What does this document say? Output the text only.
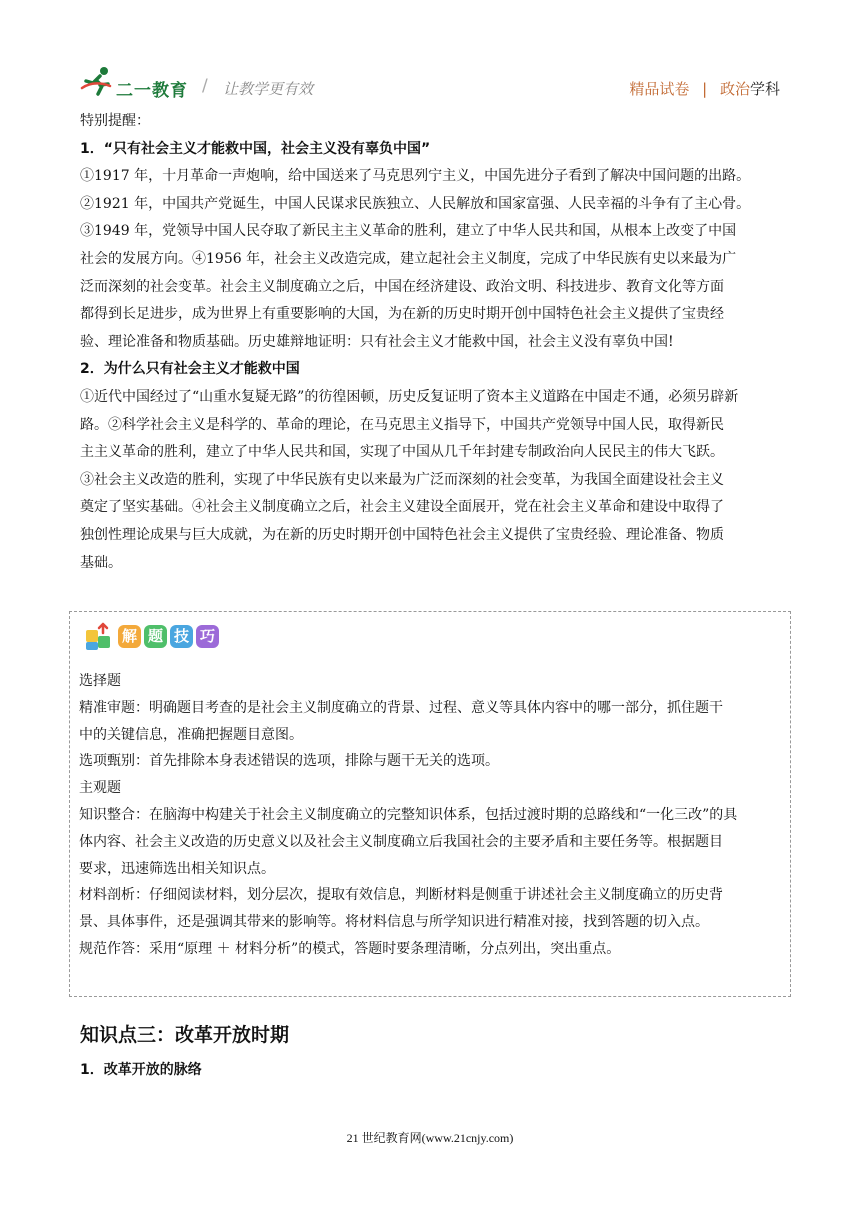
二一教育 / 让教学更有效	精品试卷 | 政治学科

特别提醒：

1．“只有社会主义才能救中国，社会主义没有辜负中国”

①1917 年，十月革命一声炮响，给中国送来了马克思列宁主义，中国先进分子看到了解决中国问题的出路。

②1921 年，中国共产党诞生，中国人民谋求民族独立、人民解放和国家富强、人民幸福的斗争有了主心骨。

③1949 年，党领导中国人民夺取了新民主主义革命的胜利，建立了中华人民共和国，从根本上改变了中国

社会的发展方向。④1956 年，社会主义改造完成，建立起社会主义制度，完成了中华民族有史以来最为广

泛而深刻的社会变革。社会主义制度确立之后，中国在经济建设、政治文明、科技进步、教育文化等方面

都得到长足进步，成为世界上有重要影响的大国，为在新的历史时期开创中国特色社会主义提供了宝贵经

验、理论准备和物质基础。历史雄辩地证明：只有社会主义才能救中国，社会主义没有辜负中国!

2．为什么只有社会主义才能救中国

①近代中国经过了“山重水复疑无路”的彷徨困顿，历史反复证明了资本主义道路在中国走不通，必须另辟新

路。②科学社会主义是科学的、革命的理论，在马克思主义指导下，中国共产党领导中国人民，取得新民

主主义革命的胜利，建立了中华人民共和国，实现了中国从几千年封建专制政治向人民民主的伟大飞跃。

③社会主义改造的胜利，实现了中华民族有史以来最为广泛而深刻的社会变革，为我国全面建设社会主义

奠定了坚实基础。④社会主义制度确立之后，社会主义建设全面展开，党在社会主义革命和建设中取得了

独创性理论成果与巨大成就，为在新的历史时期开创中国特色社会主义提供了宝贵经验、理论准备、物质

基础。

解 题 技 巧

选择题

精准审题：明确题目考查的是社会主义制度确立的背景、过程、意义等具体内容中的哪一部分，抓住题干

中的关键信息，准确把握题目意图。

选项甄别：首先排除本身表述错误的选项，排除与题干无关的选项。

主观题

知识整合：在脑海中构建关于社会主义制度确立的完整知识体系，包括过渡时期的总路线和“一化三改”的具

体内容、社会主义改造的历史意义以及社会主义制度确立后我国社会的主要矛盾和主要任务等。根据题目

要求，迅速筛选出相关知识点。

材料剖析：仔细阅读材料，划分层次，提取有效信息，判断材料是侧重于讲述社会主义制度确立的历史背

景、具体事件，还是强调其带来的影响等。将材料信息与所学知识进行精准对接，找到答题的切入点。

规范作答：采用“原理 ＋ 材料分析”的模式，答题时要条理清晰，分点列出，突出重点。

知识点三：改革开放时期
1．改革开放的脉络
21 世纪教育网(www.21cnjy.com)
